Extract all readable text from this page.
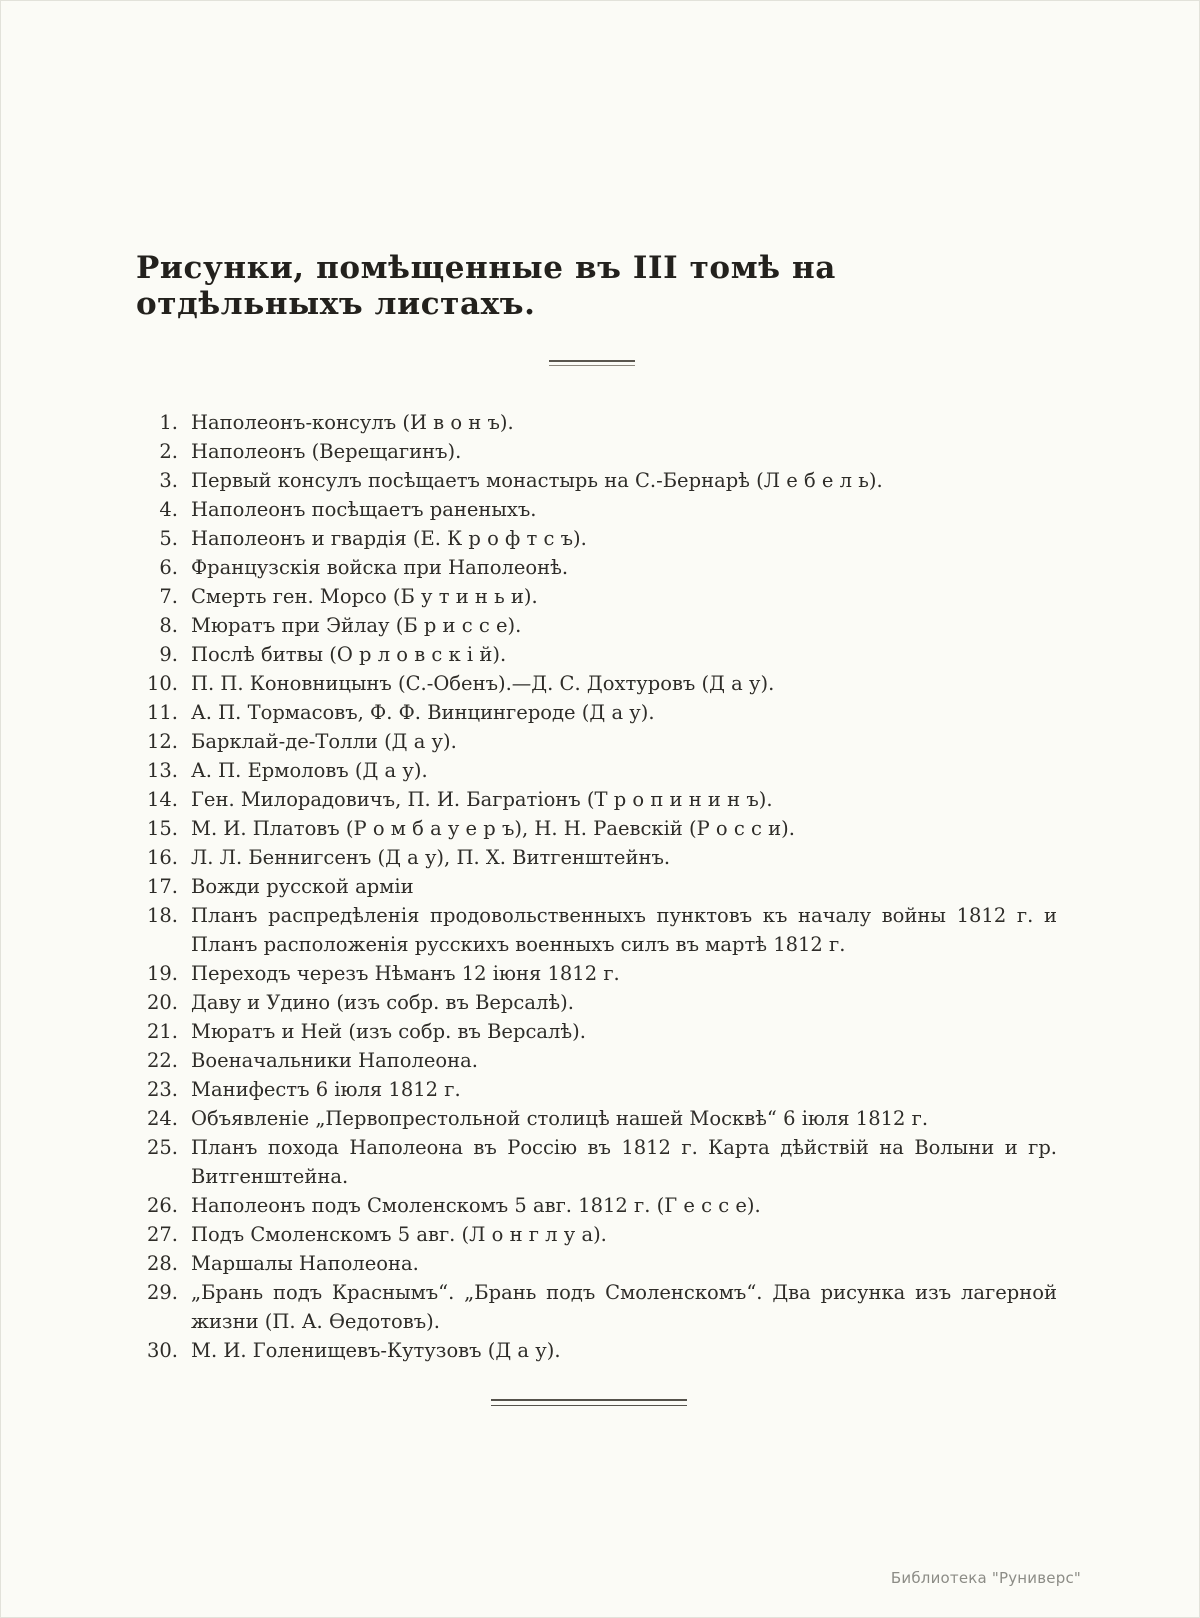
Рисунки, помѣщенные въ III томѣ на отдѣльныхъ листахъ.
1. Наполеонъ-консулъ (И в о н ъ).
2. Наполеонъ (Верещагинъ).
3. Первый консулъ посѣщаетъ монастырь на С.-Бернарѣ (Л е б е л ь).
4. Наполеонъ посѣщаетъ раненыхъ.
5. Наполеонъ и гвардія (Е. К р о ф т с ъ).
6. Французскія войска при Наполеонѣ.
7. Смерть ген. Морсо (Б у т и н ь и).
8. Мюратъ при Эйлау (Б р и с с е).
9. Послѣ битвы (О р л о в с к і й).
10. П. П. Коновницынъ (С.-Обенъ).—Д. С. Дохтуровъ (Д а у).
11. А. П. Тормасовъ, Ф. Ф. Винцингероде (Д а у).
12. Барклай-де-Толли (Д а у).
13. А. П. Ермоловъ (Д а у).
14. Ген. Милорадовичъ, П. И. Багратіонъ (Т р о п и н и н ъ).
15. М. И. Платовъ (Р о м б а у е р ъ), Н. Н. Раевскій (Р о с с и).
16. Л. Л. Беннигсенъ (Д а у), П. Х. Витгенштейнъ.
17. Вожди русской арміи
18. Планъ распредѣленія продовольственныхъ пунктовъ къ началу войны 1812 г. и Планъ расположенія русскихъ военныхъ силъ въ мартѣ 1812 г.
19. Переходъ черезъ Нѣманъ 12 іюня 1812 г.
20. Даву и Удино (изъ собр. въ Версалѣ).
21. Мюратъ и Ней (изъ собр. въ Версалѣ).
22. Военачальники Наполеона.
23. Манифестъ 6 іюля 1812 г.
24. Объявленіе „Первопрестольной столицѣ нашей Москвѣ“ 6 іюля 1812 г.
25. Планъ похода Наполеона въ Россію въ 1812 г. Карта дѣйствій на Волыни и гр. Витгенштейна.
26. Наполеонъ подъ Смоленскомъ 5 авг. 1812 г. (Г е с с е).
27. Подъ Смоленскомъ 5 авг. (Л о н г л у а).
28. Маршалы Наполеона.
29. „Брань подъ Краснымъ“. „Брань подъ Смоленскомъ“. Два рисунка изъ лагерной жизни (П. А. Ѳедотовъ).
30. М. И. Голенищевъ-Кутузовъ (Д а у).
Библиотека "Руниверс"
